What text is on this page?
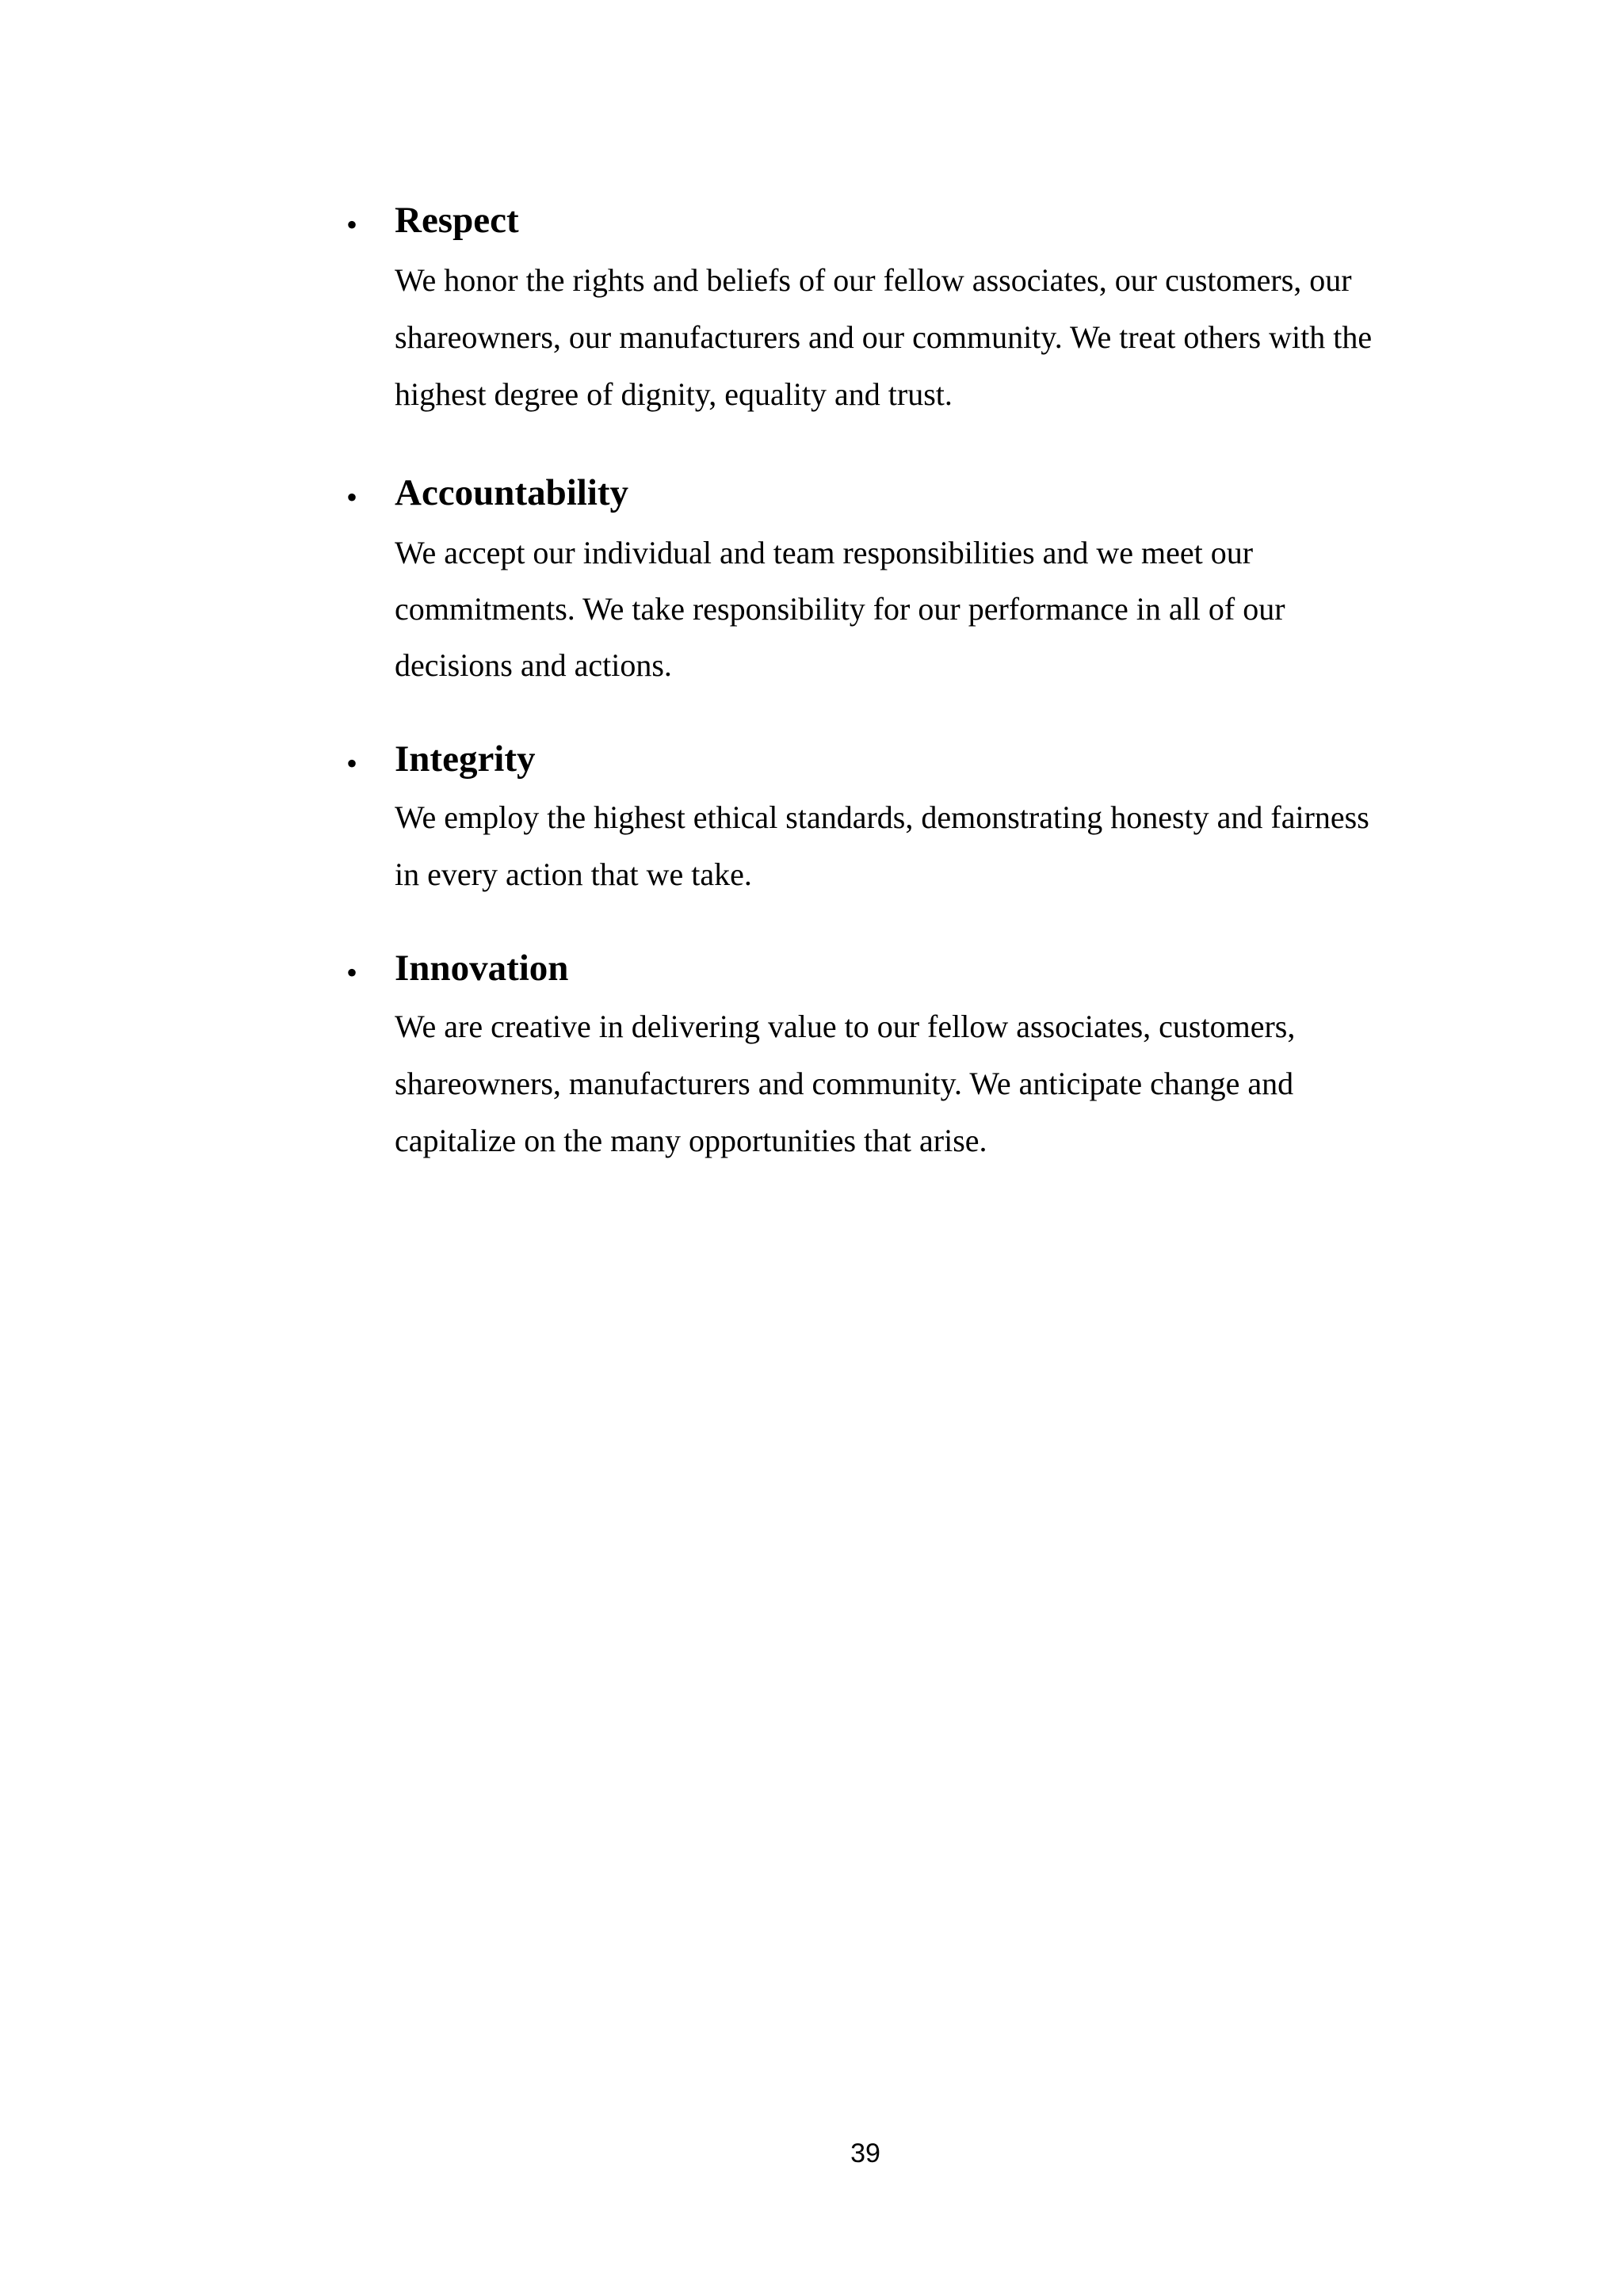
• Respect

We honor the rights and beliefs of our fellow associates, our customers, our

shareowners, our manufacturers and our community. We treat others with the

highest degree of dignity, equality and trust.

• Accountability

We accept our individual and team responsibilities and we meet our

commitments. We take responsibility for our performance in all of our

decisions and actions.

• Integrity

We employ the highest ethical standards, demonstrating honesty and fairness

in every action that we take.

• Innovation

We are creative in delivering value to our fellow associates, customers,

shareowners, manufacturers and community. We anticipate change and

capitalize on the many opportunities that arise.

39
